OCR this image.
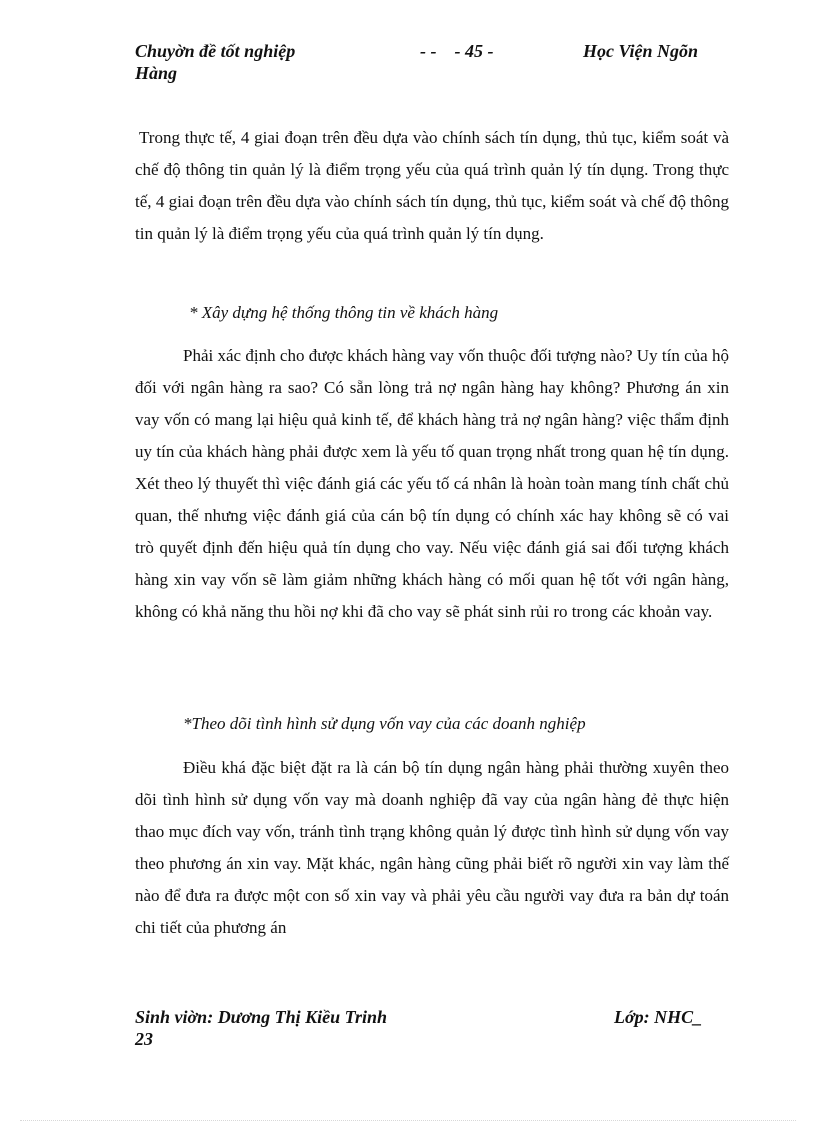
Chuyờn đề tốt nghiệp
Hàng
- -    - 45 -	Học Viện Ngõn

Trong thực tế, 4 giai đoạn trên đều dựa vào chính sách tín dụng, thủ tục, kiểm soát và chế độ thông tin quản lý là điểm trọng yếu của quá trình quản lý tín dụng. Trong thực tế, 4 giai đoạn trên đều dựa vào chính sách tín dụng, thủ tục, kiểm soát và chế độ thông tin quản lý là điểm trọng yếu của quá trình quản lý tín dụng.

* Xây dựng hệ thống thông tin về khách hàng

Phải xác định cho được khách hàng vay vốn thuộc đối tượng nào? Uy tín của hộ đối với ngân hàng ra sao? Có sẵn lòng trả nợ ngân hàng hay không? Phương án xin vay vốn có mang lại hiệu quả kinh tế, để khách hàng trả nợ ngân hàng? việc thẩm định uy tín của khách hàng phải được xem là yếu tố quan trọng nhất trong quan hệ tín dụng. Xét theo lý thuyết thì việc đánh giá các yếu tố cá nhân là hoàn toàn mang tính chất chủ quan, thế nhưng việc đánh giá của cán bộ tín dụng có chính xác hay không sẽ có vai trò quyết định đến hiệu quả tín dụng cho vay. Nếu việc đánh giá sai đối tượng khách hàng xin vay vốn sẽ làm giảm những khách hàng có mối quan hệ tốt với ngân hàng, không có khả năng thu hồi nợ khi đã cho vay sẽ phát sinh rủi ro trong các khoản vay.

*Theo dõi tình hình sử dụng vốn vay của các doanh nghiệp

Điều khá đặc biệt đặt ra là cán bộ tín dụng ngân hàng phải thường xuyên theo dõi tình hình sử dụng vốn vay mà doanh nghiệp đã vay của ngân hàng đẻ thực hiện thao mục đích vay vốn, tránh tình trạng không quản lý được tình hình sử dụng vốn vay theo phương án xin vay. Mặt khác, ngân hàng cũng phải biết rõ người xin vay làm thế nào để đưa ra được một con số xin vay và phải yêu cầu người vay đưa ra bản dự toán chi tiết của phương án

Sinh viờn: Dương Thị Kiều Trinh
23
Lớp: NHC_
